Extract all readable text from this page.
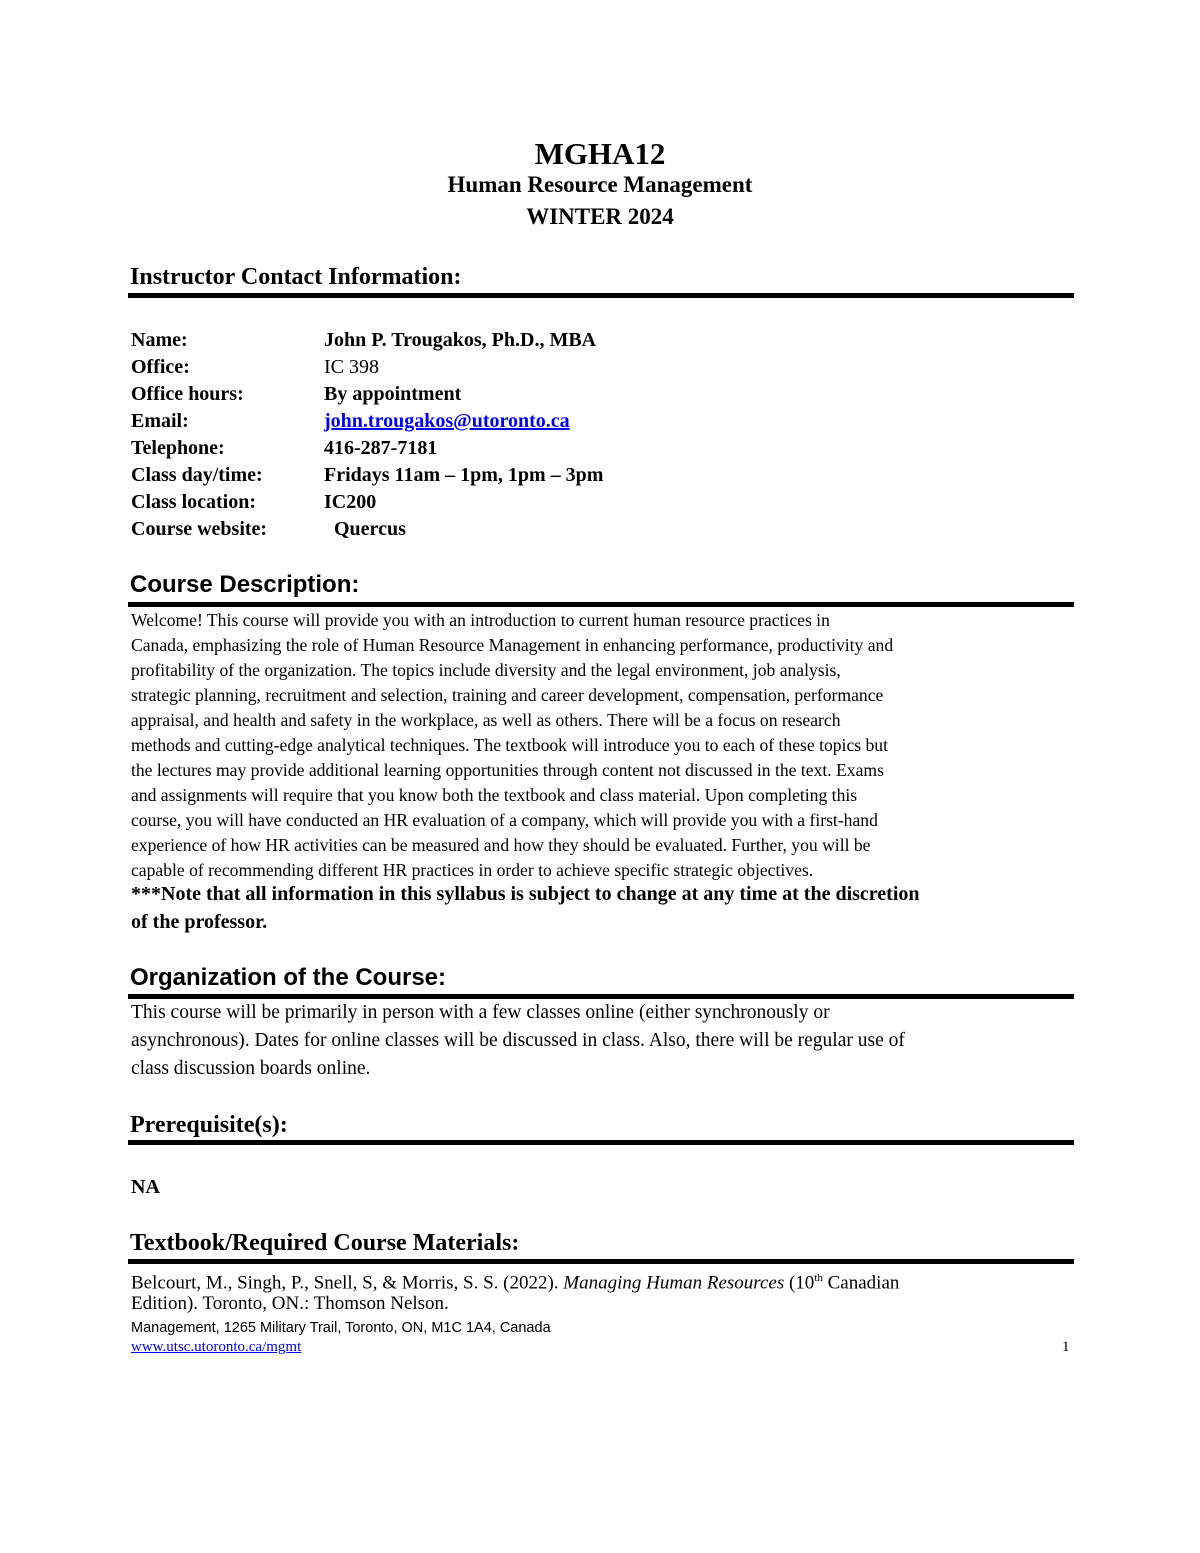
MGHA12
Human Resource Management
WINTER 2024
Instructor Contact Information:
Name:	John P. Trougakos, Ph.D., MBA
Office:	IC 398
Office hours:	By appointment
Email:	john.trougakos@utoronto.ca
Telephone:	416-287-7181
Class day/time:	Fridays 11am – 1pm, 1pm – 3pm
Class location:	IC200
Course website:	Quercus
Course Description:
Welcome! This course will provide you with an introduction to current human resource practices in
Canada, emphasizing the role of Human Resource Management in enhancing performance, productivity and
profitability of the organization. The topics include diversity and the legal environment, job analysis,
strategic planning, recruitment and selection, training and career development, compensation, performance
appraisal, and health and safety in the workplace, as well as others. There will be a focus on research
methods and cutting-edge analytical techniques. The textbook will introduce you to each of these topics but
the lectures may provide additional learning opportunities through content not discussed in the text. Exams
and assignments will require that you know both the textbook and class material. Upon completing this
course, you will have conducted an HR evaluation of a company, which will provide you with a first-hand
experience of how HR activities can be measured and how they should be evaluated. Further, you will be
capable of recommending different HR practices in order to achieve specific strategic objectives.
***Note that all information in this syllabus is subject to change at any time at the discretion
of the professor.
Organization of the Course:
This course will be primarily in person with a few classes online (either synchronously or
asynchronous). Dates for online classes will be discussed in class. Also, there will be regular use of
class discussion boards online.
Prerequisite(s):
NA
Textbook/Required Course Materials:
Belcourt, M., Singh, P., Snell, S, & Morris, S. S. (2022). Managing Human Resources (10th Canadian
Edition). Toronto, ON.: Thomson Nelson.
Management, 1265 Military Trail, Toronto, ON, M1C 1A4, Canada
www.utsc.utoronto.ca/mgmt	1
